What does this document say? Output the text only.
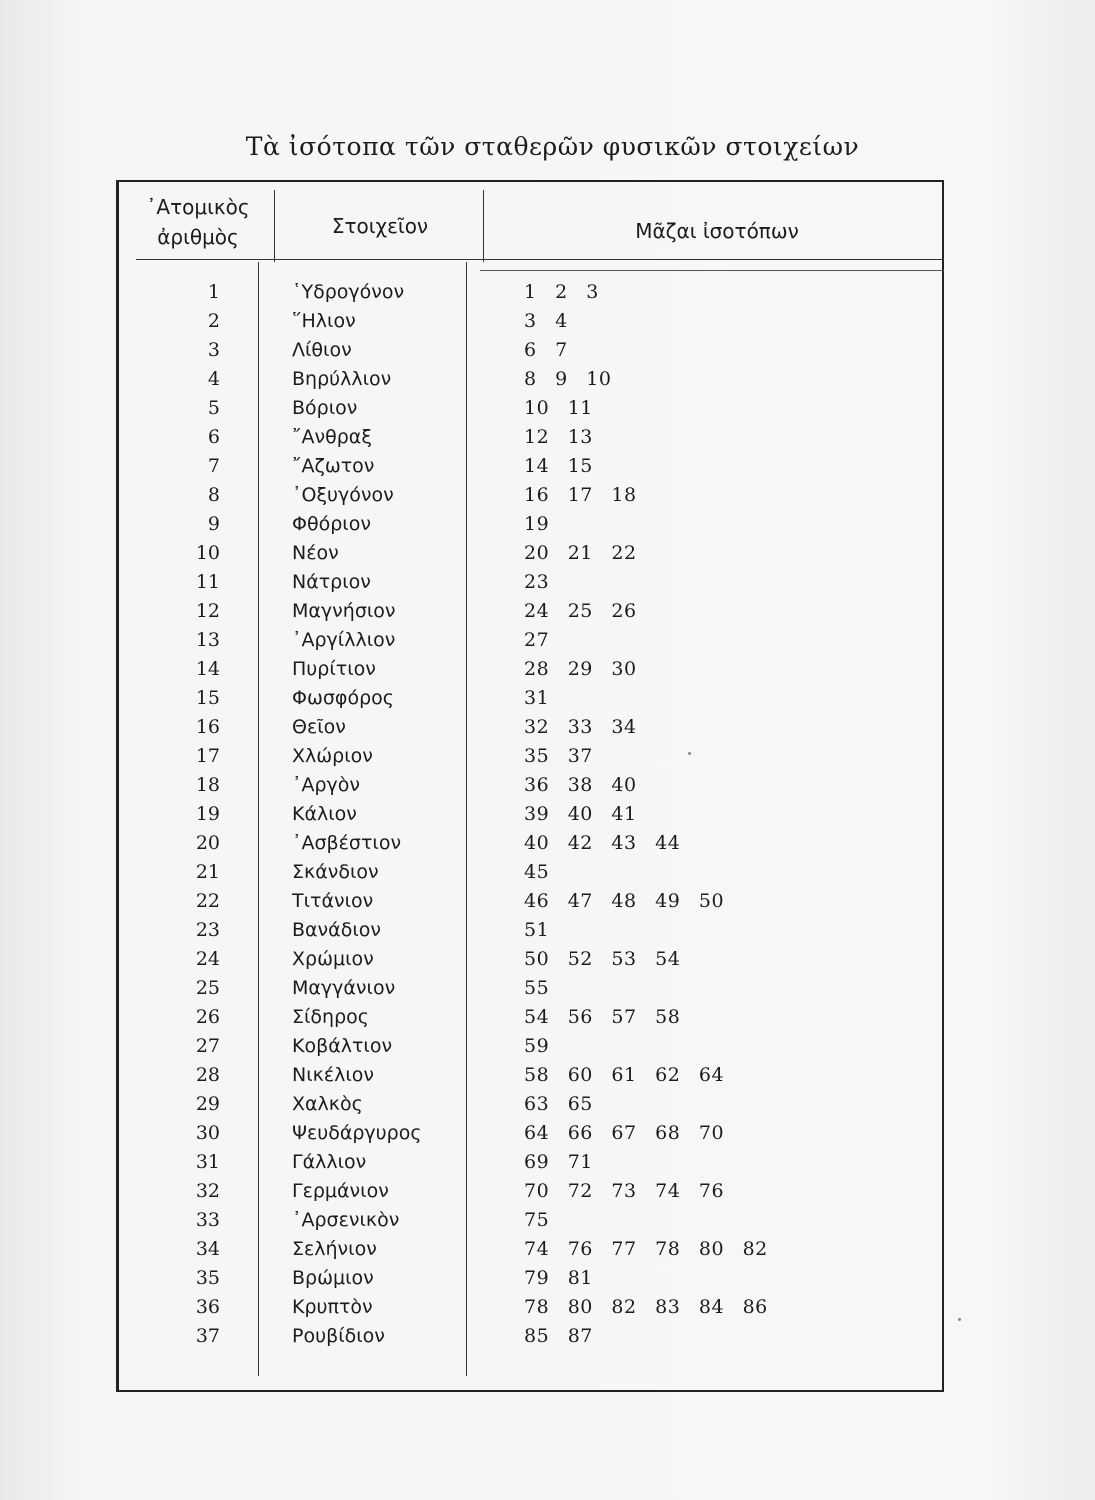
Τὰ ἰσότοπα τῶν σταθερῶν φυσικῶν στοιχείων
᾿Ατομικὸς
ἀριθμὸς	Στοιχεῖον	Μᾶζαι ἰσοτόπων
1	῾Υδρογόνον	1 2 3
2	῞Ηλιον	3 4
3	Λίθιον	6 7
4	Βηρύλλιον	8 9 10
5	Βόριον	10 11
6	῎Ανθραξ	12 13
7	῎Αζωτον	14 15
8	᾿Οξυγόνον	16 17 18
9	Φθόριον	19
10	Νέον	20 21 22
11	Νάτριον	23
12	Μαγνήσιον	24 25 26
13	᾿Αργίλλιον	27
14	Πυρίτιον	28 29 30
15	Φωσφόρος	31
16	Θεῖον	32 33 34
17	Χλώριον	35 37
18	᾿Αργὸν	36 38 40
19	Κάλιον	39 40 41
20	᾿Ασβέστιον	40 42 43 44
21	Σκάνδιον	45
22	Τιτάνιον	46 47 48 49 50
23	Βανάδιον	51
24	Χρώμιον	50 52 53 54
25	Μαγγάνιον	55
26	Σίδηρος	54 56 57 58
27	Κοβάλτιον	59
28	Νικέλιον	58 60 61 62 64
29	Χαλκὸς	63 65
30	Ψευδάργυρος	64 66 67 68 70
31	Γάλλιον	69 71
32	Γερμάνιον	70 72 73 74 76
33	᾿Αρσενικὸν	75
34	Σελήνιον	74 76 77 78 80 82
35	Βρώμιον	79 81
36	Κρυπτὸν	78 80 82 83 84 86
37	Ρουβίδιον	85 87
